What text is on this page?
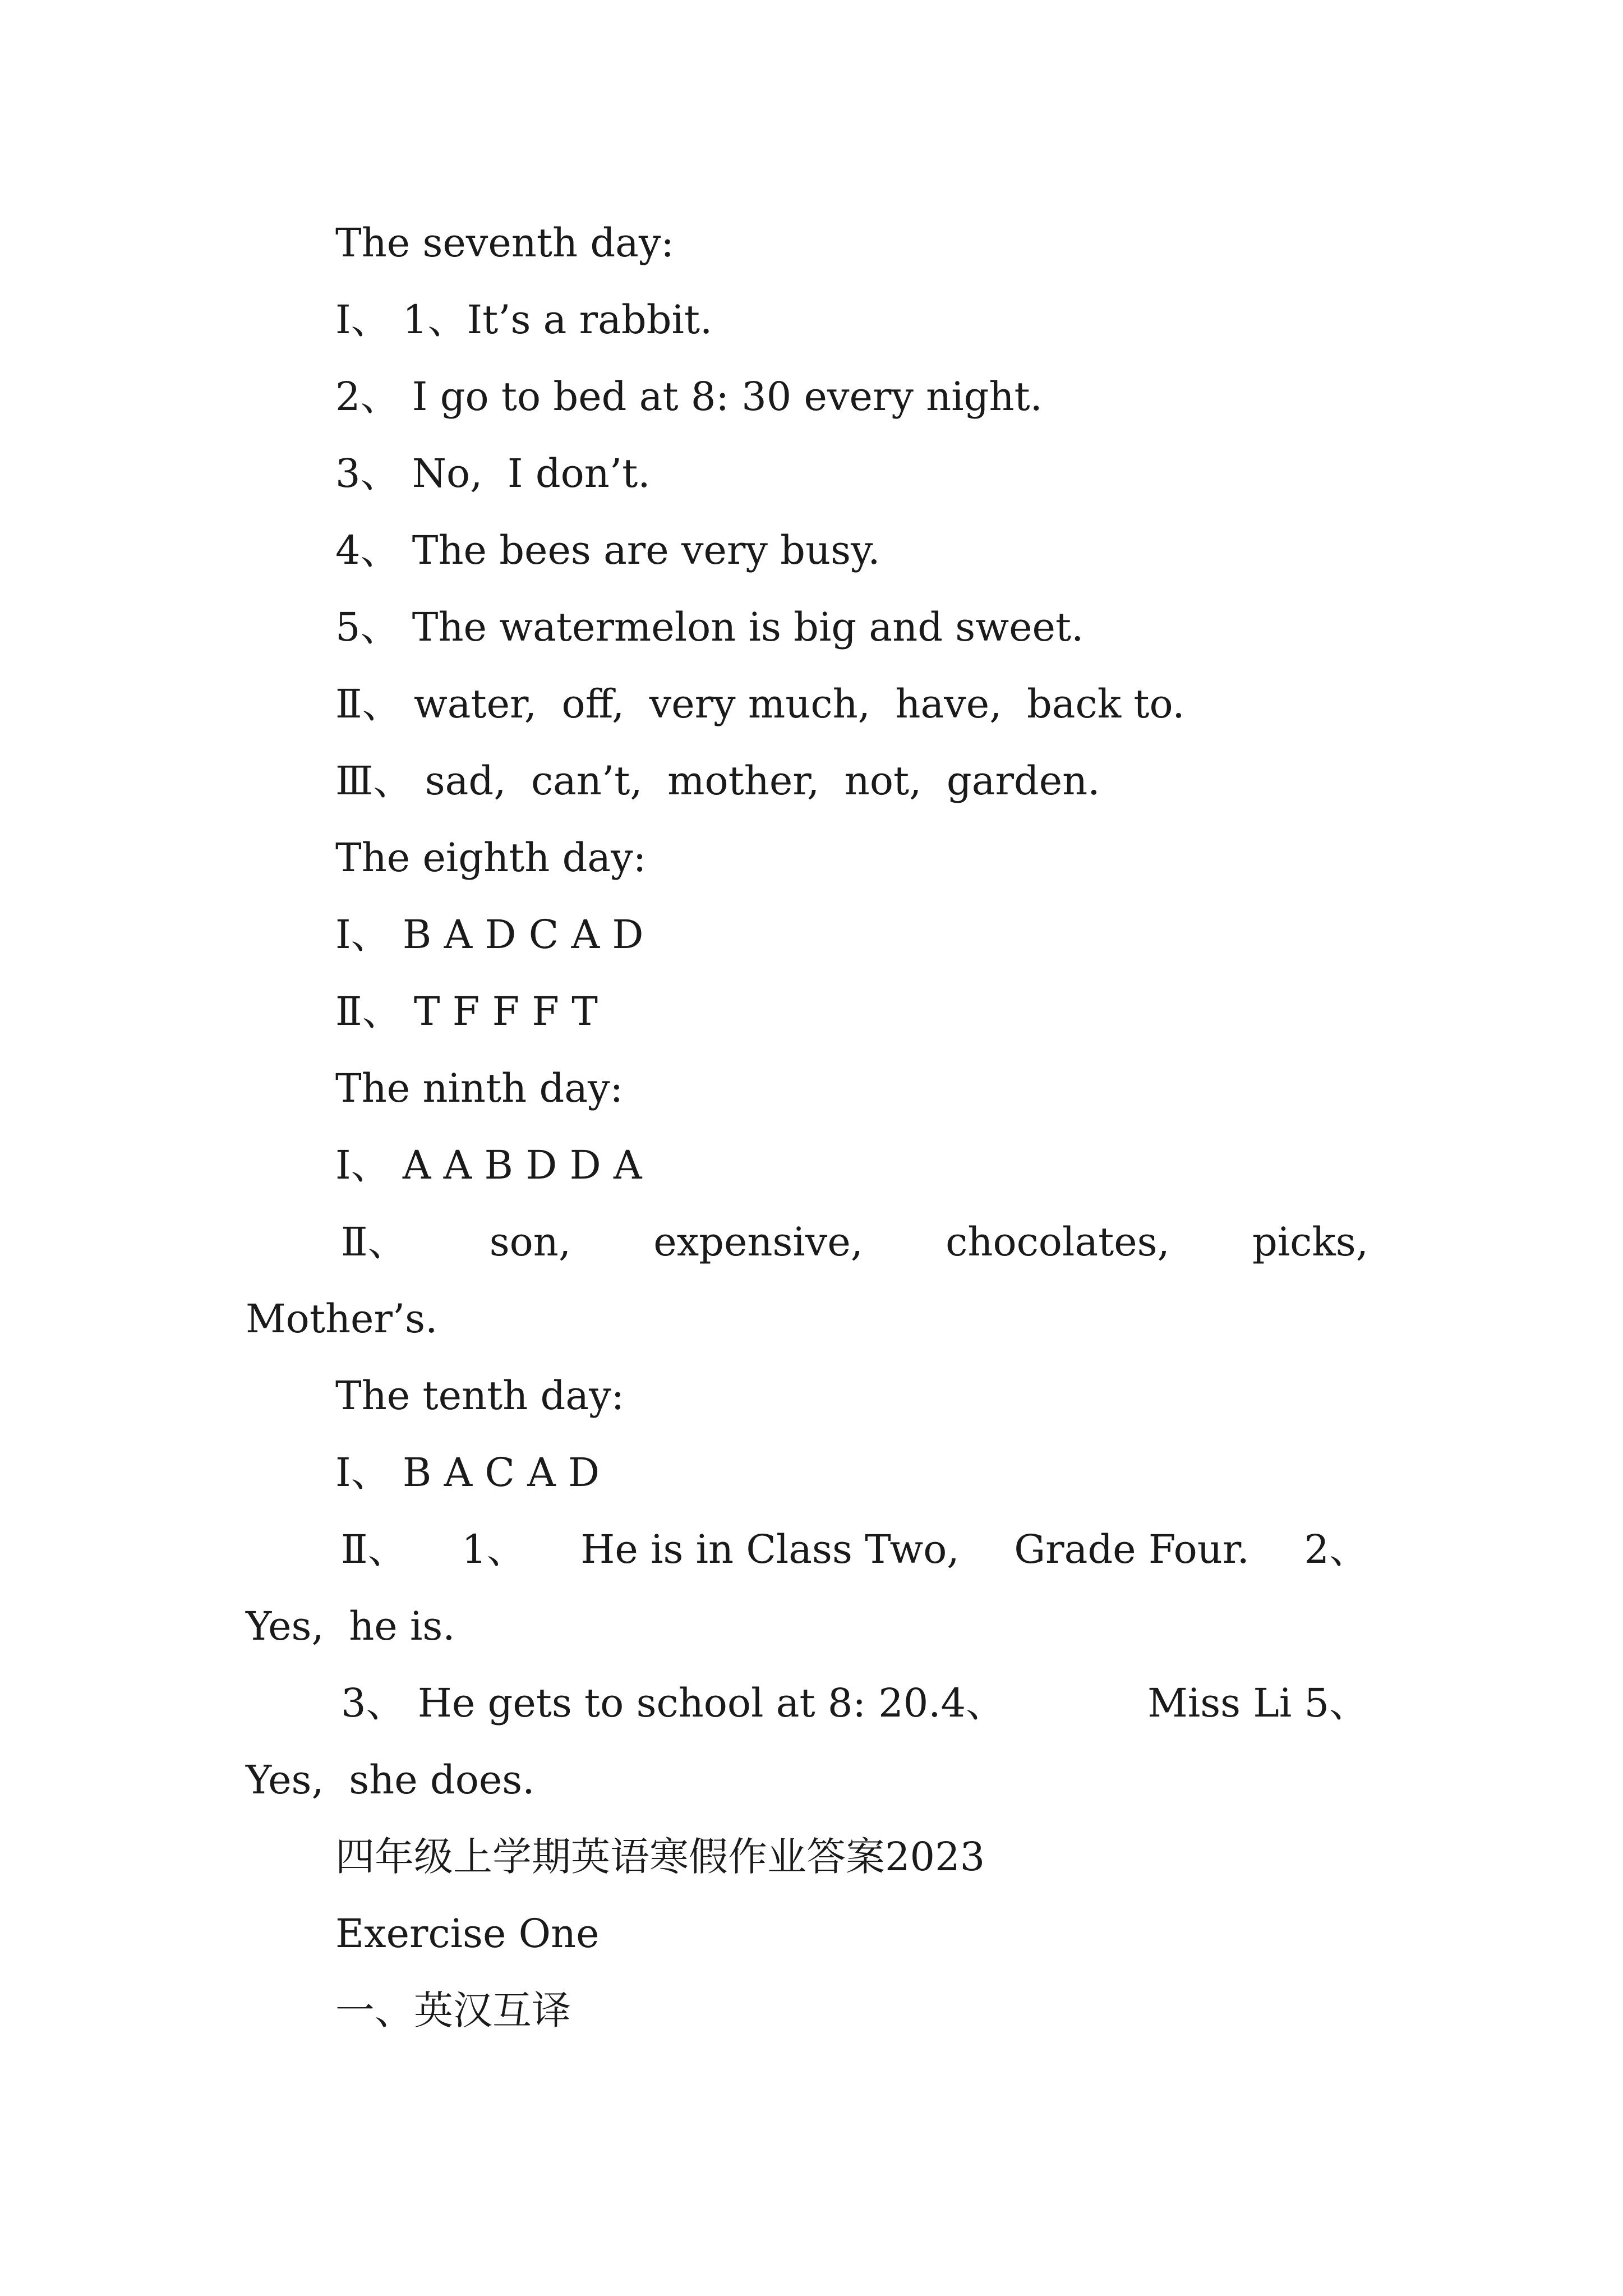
The seventh day:
Ⅰ、 1、It’s a rabbit.
2、 I go to bed at 8: 30 every night.
3、 No,  I don’t.
4、 The bees are very busy.
5、 The watermelon is big and sweet.
Ⅱ、 water,  off,  very much,  have,  back to.
Ⅲ、 sad,  can’t,  mother,  not,  garden.
The eighth day:
Ⅰ、 B A D C A D
Ⅱ、 T F F F T
The ninth day:
Ⅰ、 A A B D D A
Ⅱ、 son, expensive, chocolates, picks,
Mother’s.
The tenth day:
Ⅰ、 B A C A D
Ⅱ、 1、 He is in Class Two, Grade Four. 2、
Yes,  he is.
3、 He gets to school at 8: 20.4、	Miss Li 5、
Yes,  she does.
四年级上学期英语寒假作业答案2023
Exercise One
一、英汉互译
